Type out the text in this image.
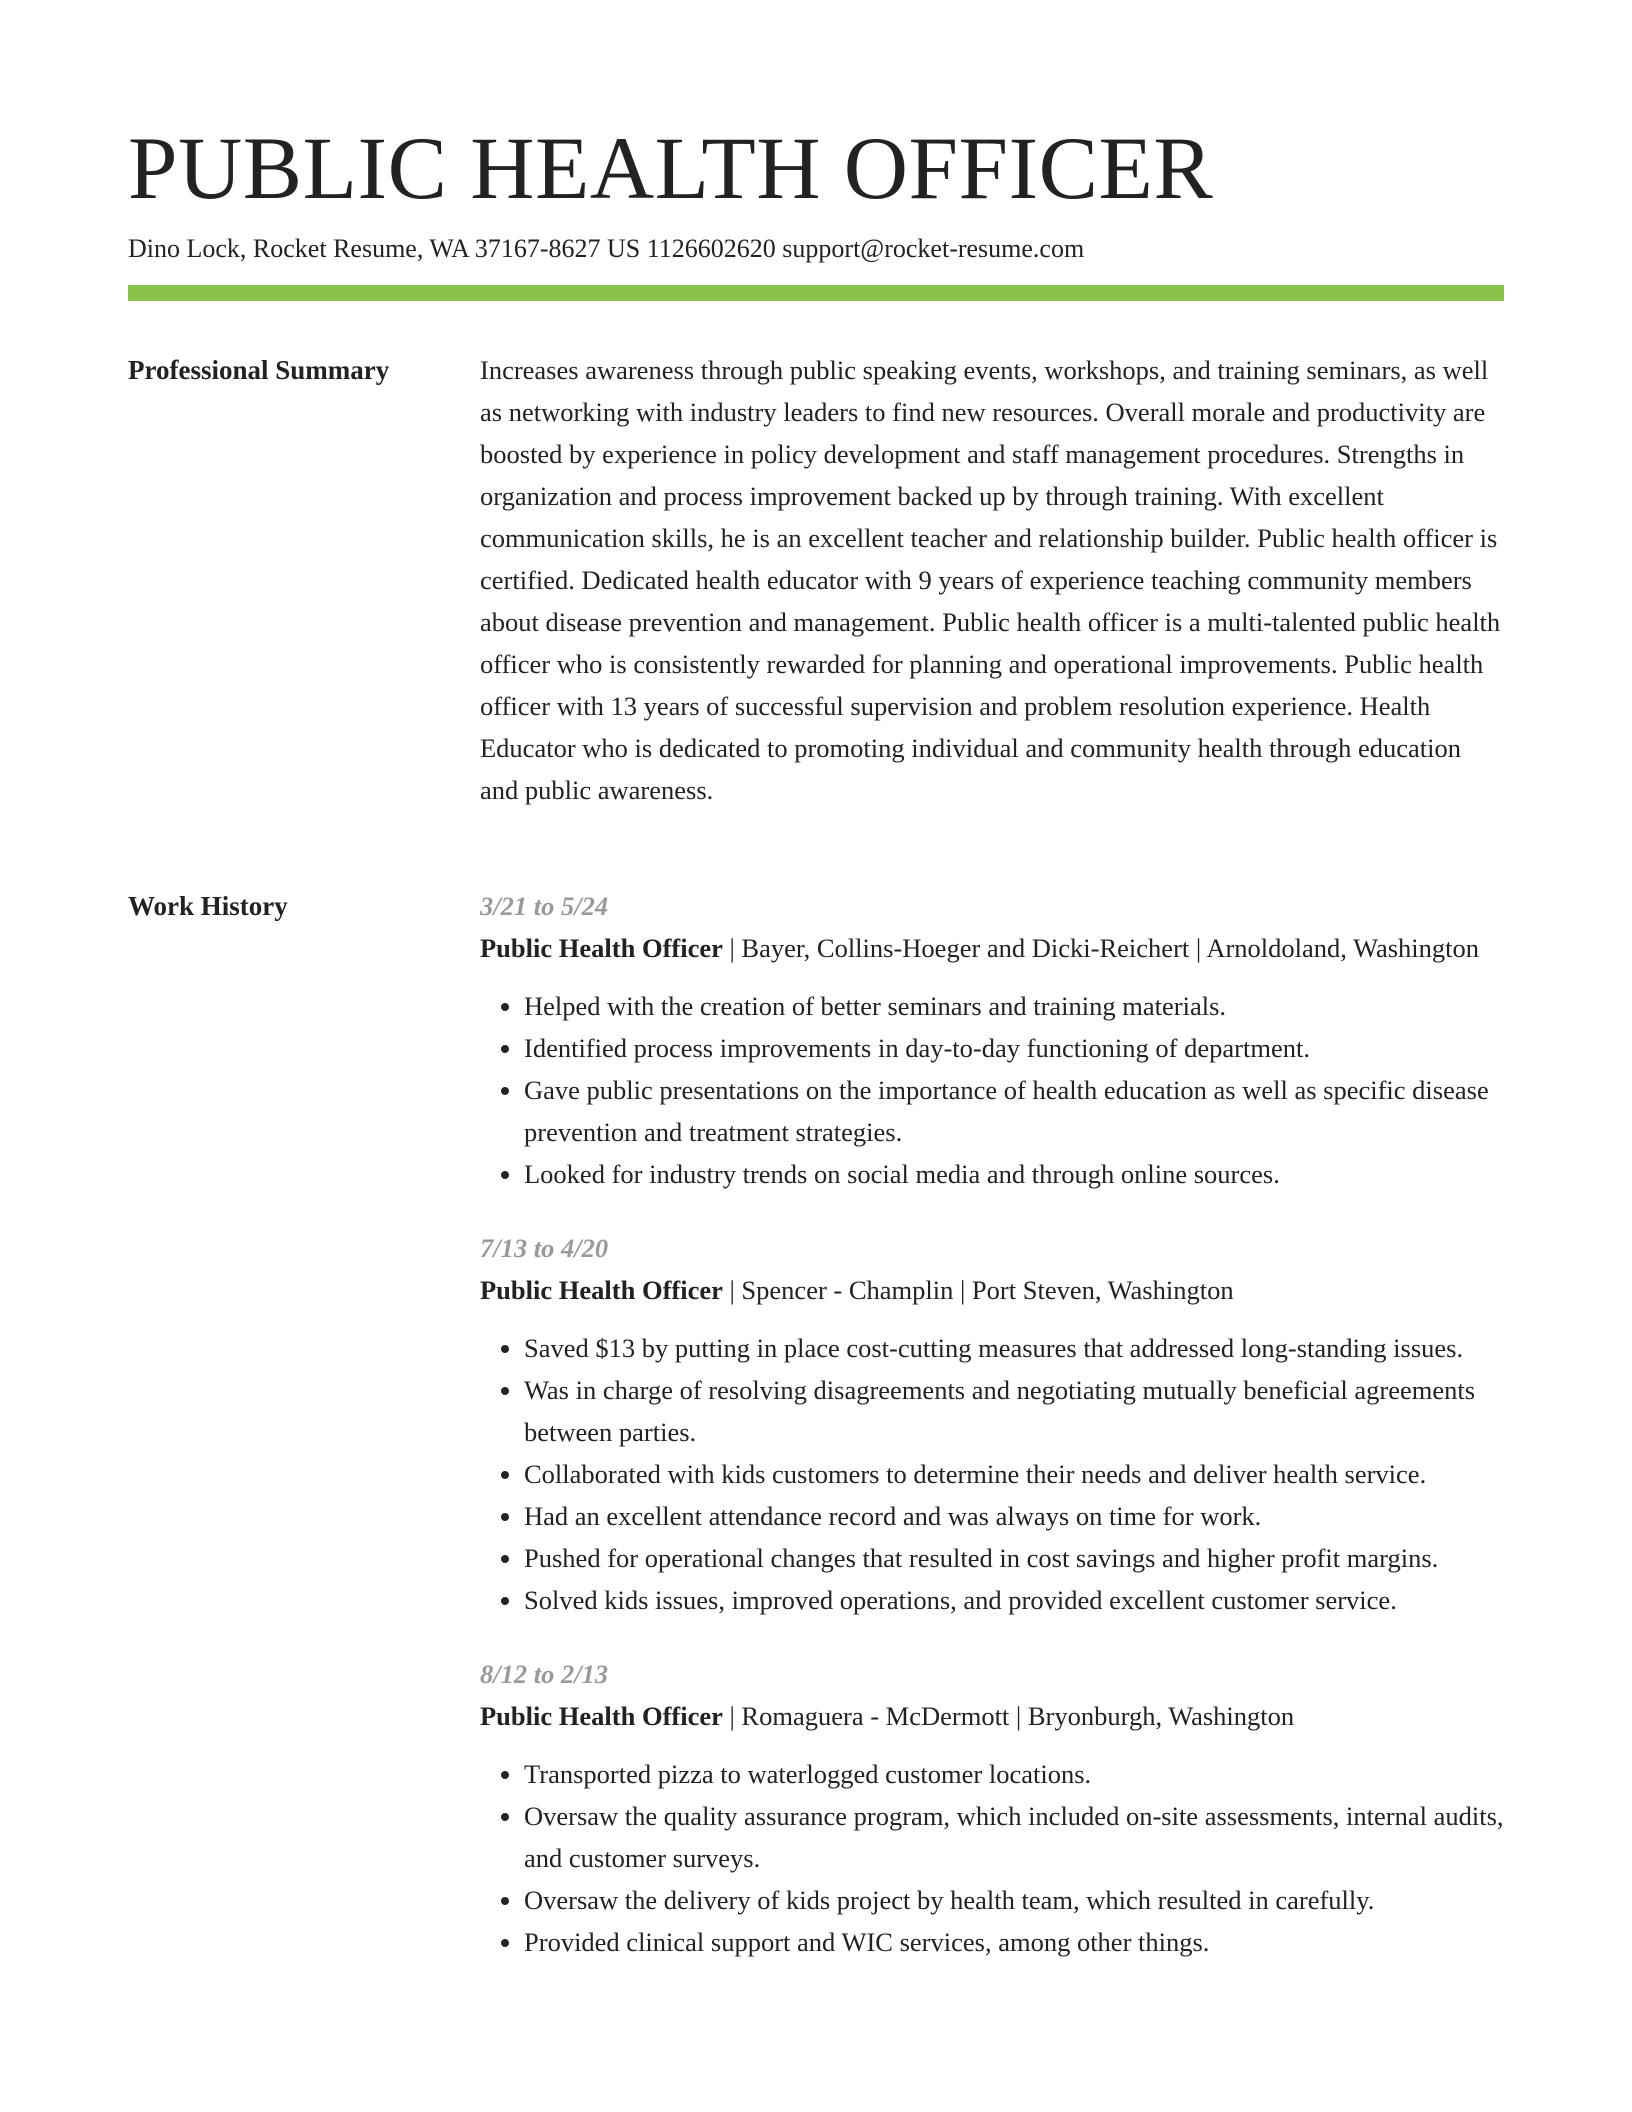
PUBLIC HEALTH OFFICER
Dino Lock, Rocket Resume, WA 37167-8627 US 1126602620 support@rocket-resume.com
Professional Summary	Increases awareness through public speaking events, workshops, and training seminars, as well as networking with industry leaders to find new resources. Overall morale and productivity are boosted by experience in policy development and staff management procedures. Strengths in organization and process improvement backed up by through training. With excellent communication skills, he is an excellent teacher and relationship builder. Public health officer is certified. Dedicated health educator with 9 years of experience teaching community members about disease prevention and management. Public health officer is a multi-talented public health officer who is consistently rewarded for planning and operational improvements. Public health officer with 13 years of successful supervision and problem resolution experience. Health Educator who is dedicated to promoting individual and community health through education and public awareness.

Work History	3/21 to 5/24
Public Health Officer | Bayer, Collins-Hoeger and Dicki-Reichert | Arnoldoland, Washington
• Helped with the creation of better seminars and training materials.
• Identified process improvements in day-to-day functioning of department.
• Gave public presentations on the importance of health education as well as specific disease prevention and treatment strategies.
• Looked for industry trends on social media and through online sources.
7/13 to 4/20
Public Health Officer | Spencer - Champlin | Port Steven, Washington
• Saved $13 by putting in place cost-cutting measures that addressed long-standing issues.
• Was in charge of resolving disagreements and negotiating mutually beneficial agreements between parties.
• Collaborated with kids customers to determine their needs and deliver health service.
• Had an excellent attendance record and was always on time for work.
• Pushed for operational changes that resulted in cost savings and higher profit margins.
• Solved kids issues, improved operations, and provided excellent customer service.
8/12 to 2/13
Public Health Officer | Romaguera - McDermott | Bryonburgh, Washington
• Transported pizza to waterlogged customer locations.
• Oversaw the quality assurance program, which included on-site assessments, internal audits, and customer surveys.
• Oversaw the delivery of kids project by health team, which resulted in carefully.
• Provided clinical support and WIC services, among other things.
